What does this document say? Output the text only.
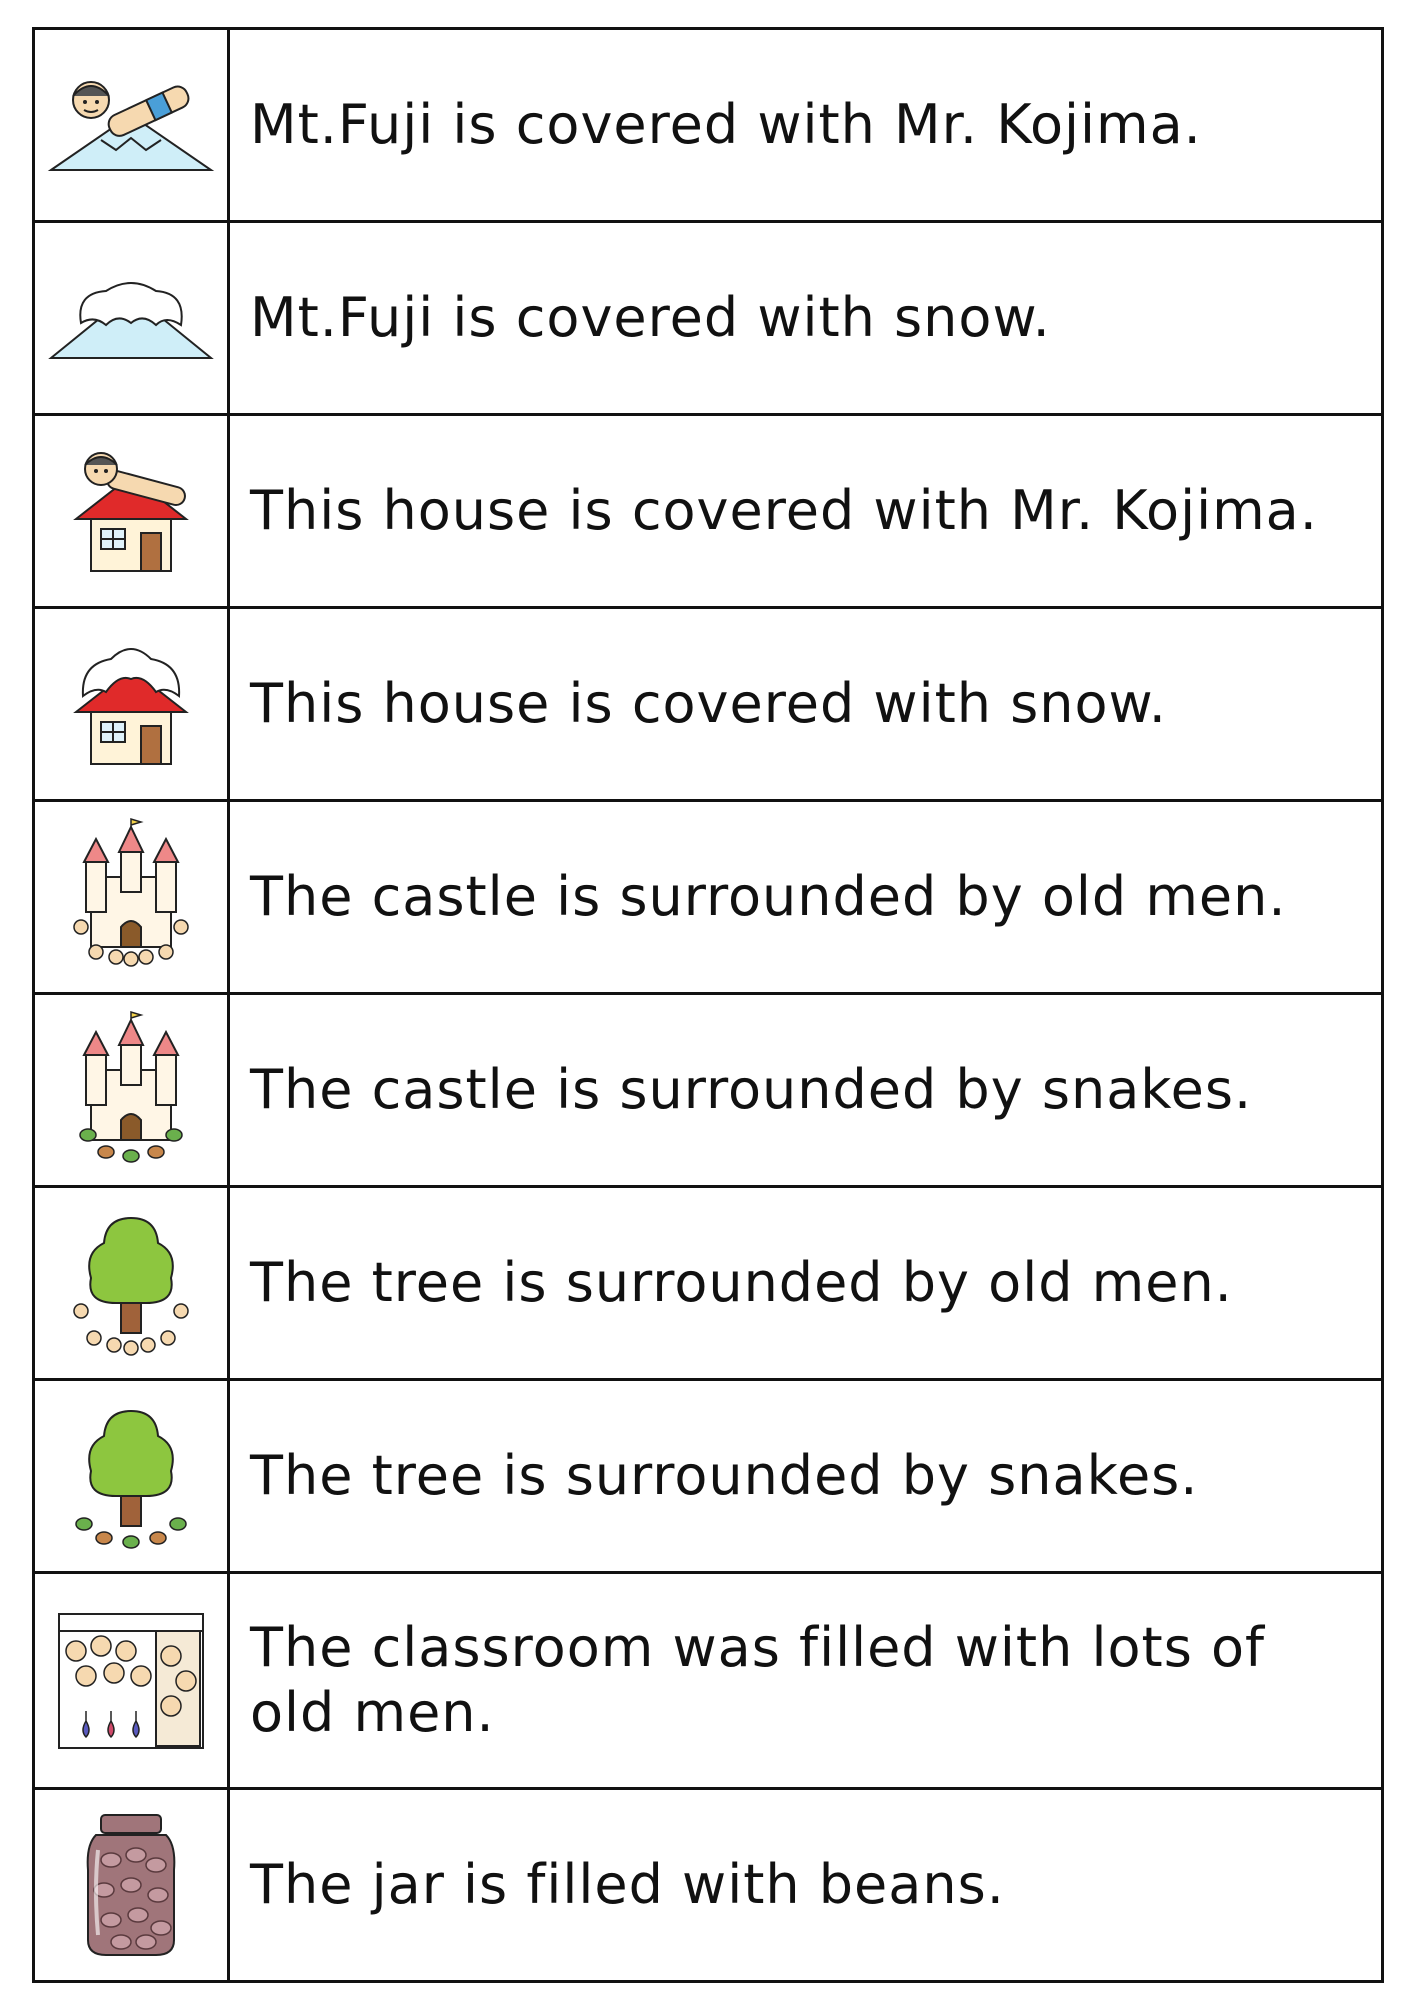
	Mt.Fuji is covered with Mr. Kojima.

	Mt.Fuji is covered with snow.

	This house is covered with Mr. Kojima.

	This house is covered with snow.

	The castle is surrounded by old men.

	The castle is surrounded by snakes.

	The tree is surrounded by old men.

	The tree is surrounded by snakes.

	The classroom was filled with lots of old men.

	The jar is filled with beans.
